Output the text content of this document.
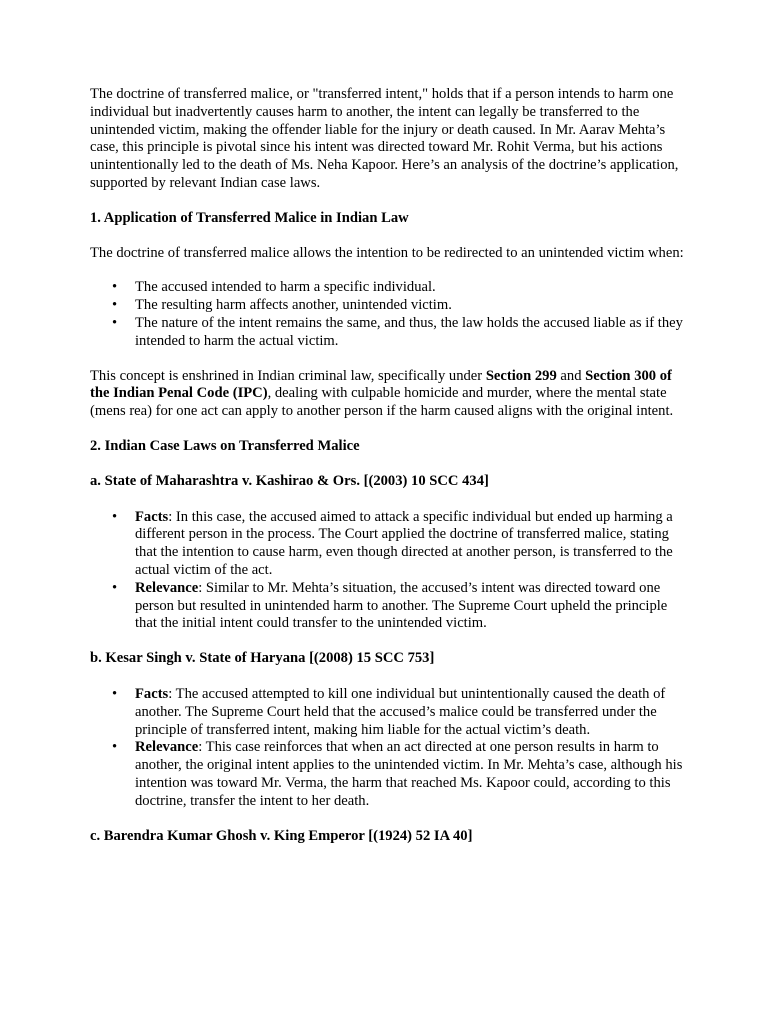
The doctrine of transferred malice, or "transferred intent," holds that if a person intends to harm one individual but inadvertently causes harm to another, the intent can legally be transferred to the unintended victim, making the offender liable for the injury or death caused. In Mr. Aarav Mehta’s case, this principle is pivotal since his intent was directed toward Mr. Rohit Verma, but his actions unintentionally led to the death of Ms. Neha Kapoor. Here’s an analysis of the doctrine’s application, supported by relevant Indian case laws.

1. Application of Transferred Malice in Indian Law

The doctrine of transferred malice allows the intention to be redirected to an unintended victim when:

• The accused intended to harm a specific individual.
• The resulting harm affects another, unintended victim.
• The nature of the intent remains the same, and thus, the law holds the accused liable as if they intended to harm the actual victim.

This concept is enshrined in Indian criminal law, specifically under Section 299 and Section 300 of the Indian Penal Code (IPC), dealing with culpable homicide and murder, where the mental state (mens rea) for one act can apply to another person if the harm caused aligns with the original intent.

2. Indian Case Laws on Transferred Malice

a. State of Maharashtra v. Kashirao & Ors. [(2003) 10 SCC 434]

• Facts: In this case, the accused aimed to attack a specific individual but ended up harming a different person in the process. The Court applied the doctrine of transferred malice, stating that the intention to cause harm, even though directed at another person, is transferred to the actual victim of the act.
• Relevance: Similar to Mr. Mehta’s situation, the accused’s intent was directed toward one person but resulted in unintended harm to another. The Supreme Court upheld the principle that the initial intent could transfer to the unintended victim.

b. Kesar Singh v. State of Haryana [(2008) 15 SCC 753]

• Facts: The accused attempted to kill one individual but unintentionally caused the death of another. The Supreme Court held that the accused’s malice could be transferred under the principle of transferred intent, making him liable for the actual victim’s death.
• Relevance: This case reinforces that when an act directed at one person results in harm to another, the original intent applies to the unintended victim. In Mr. Mehta’s case, although his intention was toward Mr. Verma, the harm that reached Ms. Kapoor could, according to this doctrine, transfer the intent to her death.

c. Barendra Kumar Ghosh v. King Emperor [(1924) 52 IA 40]
